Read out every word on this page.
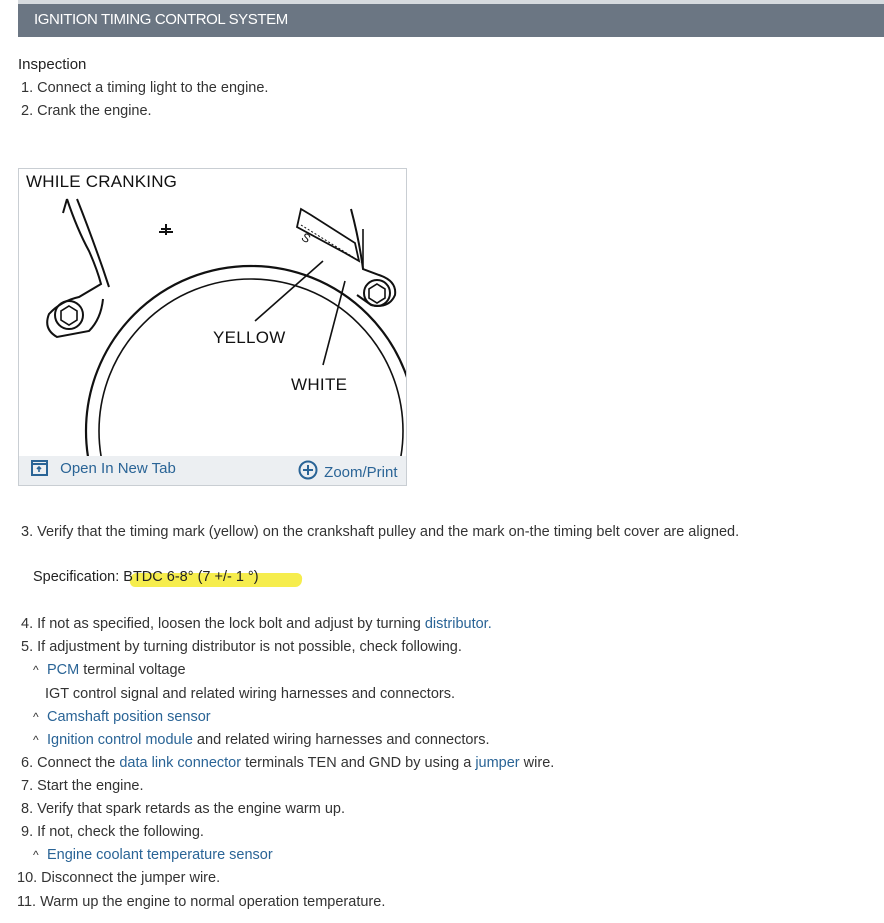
IGNITION TIMING CONTROL SYSTEM
Inspection
1. Connect a timing light to the engine.
2. Crank the engine.
WHILE CRANKING
S
YELLOW
WHITE
Open In New Tab	Zoom/Print
3. Verify that the timing mark (yellow) on the crankshaft pulley and the mark on-the timing belt cover are aligned.
Specification: BTDC 6-8° (7 +/- 1 °)
4. If not as specified, loosen the lock bolt and adjust by turning distributor.
5. If adjustment by turning distributor is not possible, check following.
^ PCM terminal voltage
IGT control signal and related wiring harnesses and connectors.
^ Camshaft position sensor
^ Ignition control module and related wiring harnesses and connectors.
6. Connect the data link connector terminals TEN and GND by using a jumper wire.
7. Start the engine.
8. Verify that spark retards as the engine warm up.
9. If not, check the following.
^ Engine coolant temperature sensor
10. Disconnect the jumper wire.
11. Warm up the engine to normal operation temperature.
